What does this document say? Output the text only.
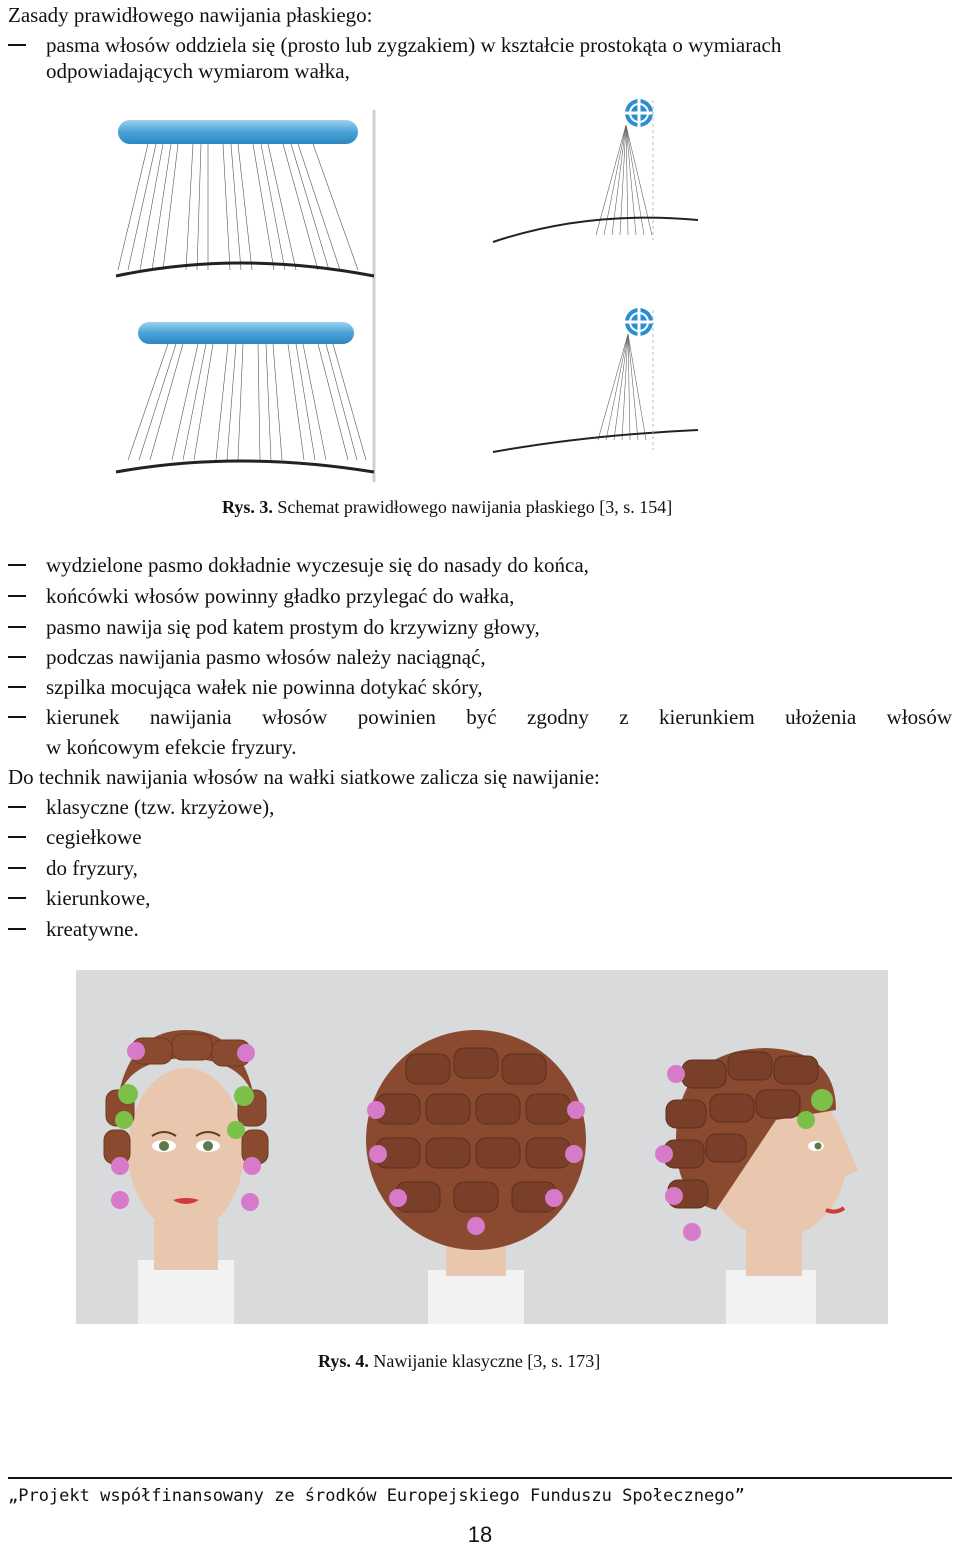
Zasady prawidłowego nawijania płaskiego:
pasma włosów oddziela się (prosto lub zygzakiem) w kształcie prostokąta o wymiarach
odpowiadających wymiarom wałka,
Rys. 3. Schemat prawidłowego nawijania płaskiego [3, s. 154]
wydzielone pasmo dokładnie wyczesuje się do nasady do końca,
końcówki włosów powinny gładko przylegać do wałka,
pasmo nawija się pod katem prostym do krzywizny głowy,
podczas nawijania pasmo włosów należy naciągnąć,
szpilka mocująca wałek nie powinna dotykać skóry,
kierunek nawijania włosów powinien być zgodny z kierunkiem ułożenia włosów
w końcowym efekcie fryzury.
Do technik nawijania włosów na wałki siatkowe zalicza się nawijanie:
klasyczne (tzw. krzyżowe),
cegiełkowe
do fryzury,
kierunkowe,
kreatywne.
Rys. 4. Nawijanie klasyczne [3, s. 173]
„Projekt współfinansowany ze środków Europejskiego Funduszu Społecznego”
18
